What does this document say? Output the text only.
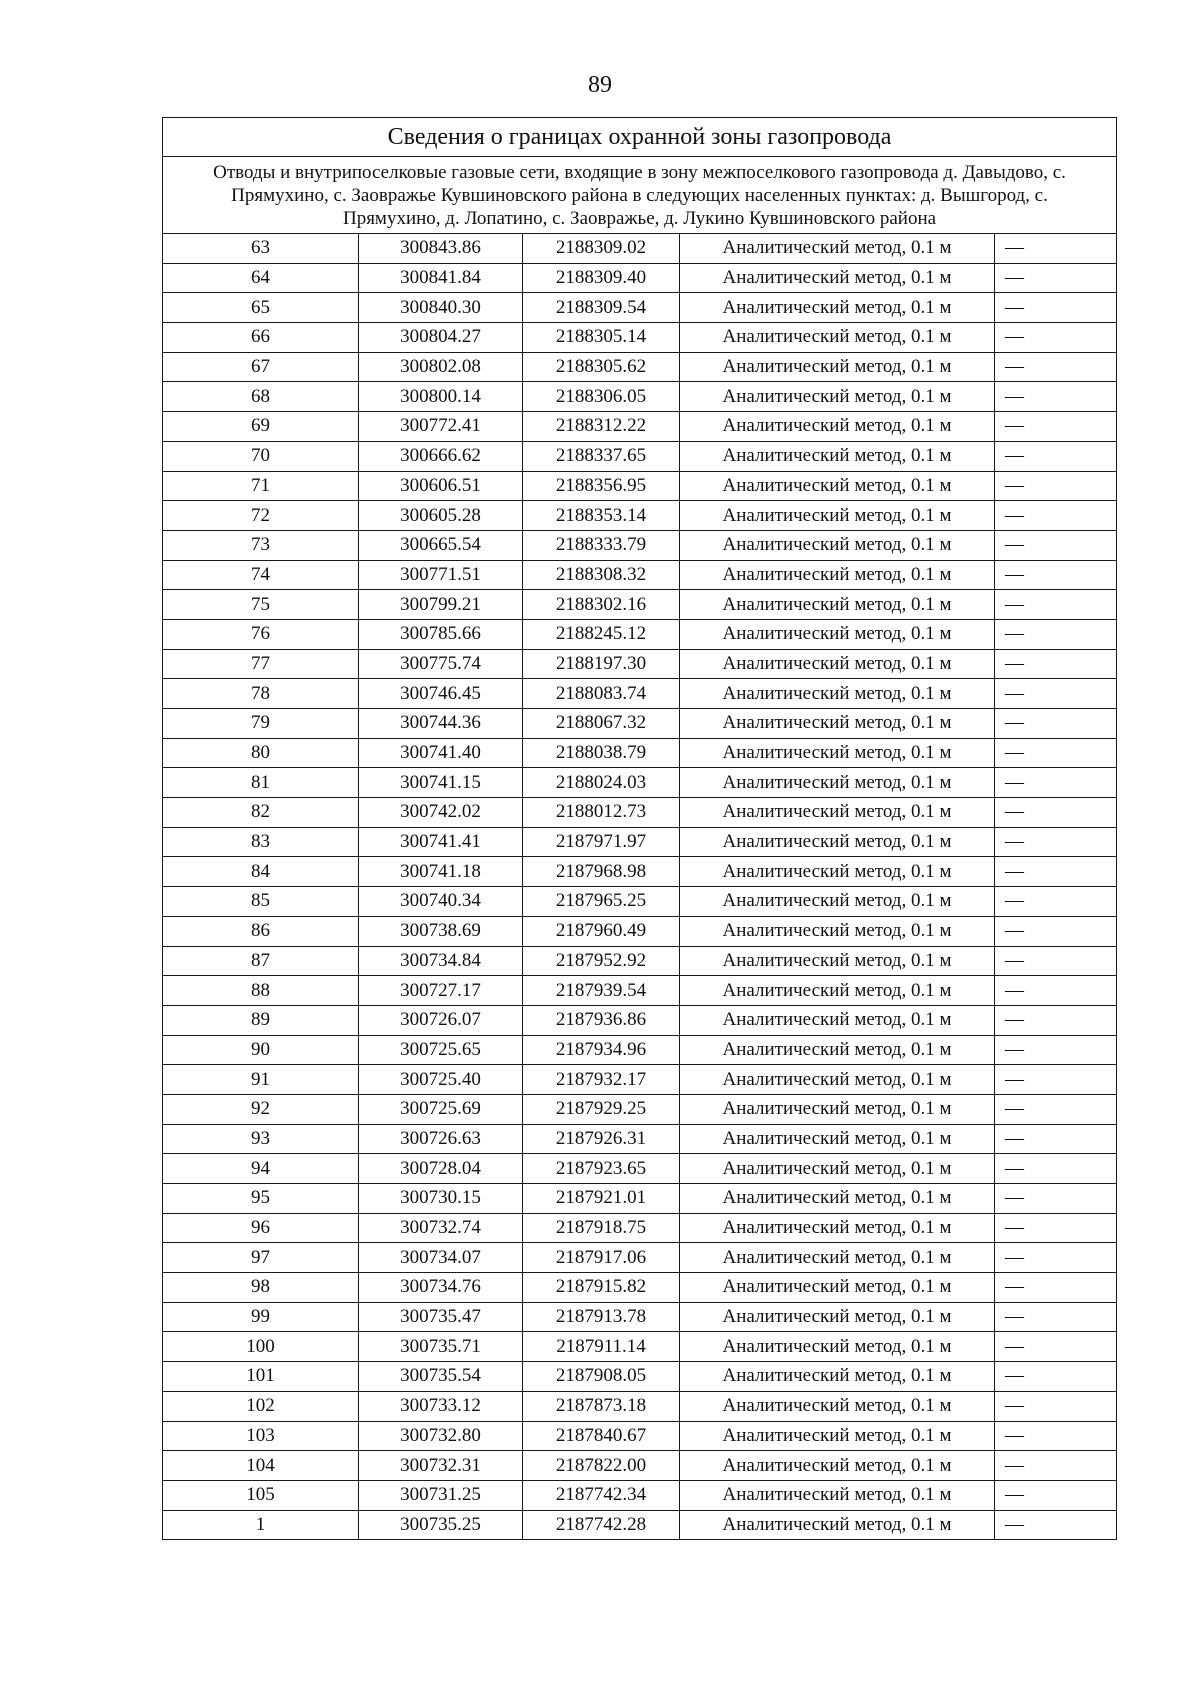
89
Сведения о границах охранной зоны газопровода				
Отводы и внутрипоселковые газовые сети, входящие в зону межпоселкового газопровода д. Давыдово, с. Прямухино, с. Заовражье Кувшиновского района в следующих населенных пунктах: д. Вышгород, с. Прямухино, д. Лопатино, с. Заовражье, д. Лукино Кувшиновского района				
63	300843.86	2188309.02	Аналитический метод, 0.1 м	—
64	300841.84	2188309.40	Аналитический метод, 0.1 м	—
65	300840.30	2188309.54	Аналитический метод, 0.1 м	—
66	300804.27	2188305.14	Аналитический метод, 0.1 м	—
67	300802.08	2188305.62	Аналитический метод, 0.1 м	—
68	300800.14	2188306.05	Аналитический метод, 0.1 м	—
69	300772.41	2188312.22	Аналитический метод, 0.1 м	—
70	300666.62	2188337.65	Аналитический метод, 0.1 м	—
71	300606.51	2188356.95	Аналитический метод, 0.1 м	—
72	300605.28	2188353.14	Аналитический метод, 0.1 м	—
73	300665.54	2188333.79	Аналитический метод, 0.1 м	—
74	300771.51	2188308.32	Аналитический метод, 0.1 м	—
75	300799.21	2188302.16	Аналитический метод, 0.1 м	—
76	300785.66	2188245.12	Аналитический метод, 0.1 м	—
77	300775.74	2188197.30	Аналитический метод, 0.1 м	—
78	300746.45	2188083.74	Аналитический метод, 0.1 м	—
79	300744.36	2188067.32	Аналитический метод, 0.1 м	—
80	300741.40	2188038.79	Аналитический метод, 0.1 м	—
81	300741.15	2188024.03	Аналитический метод, 0.1 м	—
82	300742.02	2188012.73	Аналитический метод, 0.1 м	—
83	300741.41	2187971.97	Аналитический метод, 0.1 м	—
84	300741.18	2187968.98	Аналитический метод, 0.1 м	—
85	300740.34	2187965.25	Аналитический метод, 0.1 м	—
86	300738.69	2187960.49	Аналитический метод, 0.1 м	—
87	300734.84	2187952.92	Аналитический метод, 0.1 м	—
88	300727.17	2187939.54	Аналитический метод, 0.1 м	—
89	300726.07	2187936.86	Аналитический метод, 0.1 м	—
90	300725.65	2187934.96	Аналитический метод, 0.1 м	—
91	300725.40	2187932.17	Аналитический метод, 0.1 м	—
92	300725.69	2187929.25	Аналитический метод, 0.1 м	—
93	300726.63	2187926.31	Аналитический метод, 0.1 м	—
94	300728.04	2187923.65	Аналитический метод, 0.1 м	—
95	300730.15	2187921.01	Аналитический метод, 0.1 м	—
96	300732.74	2187918.75	Аналитический метод, 0.1 м	—
97	300734.07	2187917.06	Аналитический метод, 0.1 м	—
98	300734.76	2187915.82	Аналитический метод, 0.1 м	—
99	300735.47	2187913.78	Аналитический метод, 0.1 м	—
100	300735.71	2187911.14	Аналитический метод, 0.1 м	—
101	300735.54	2187908.05	Аналитический метод, 0.1 м	—
102	300733.12	2187873.18	Аналитический метод, 0.1 м	—
103	300732.80	2187840.67	Аналитический метод, 0.1 м	—
104	300732.31	2187822.00	Аналитический метод, 0.1 м	—
105	300731.25	2187742.34	Аналитический метод, 0.1 м	—
1	300735.25	2187742.28	Аналитический метод, 0.1 м	—
